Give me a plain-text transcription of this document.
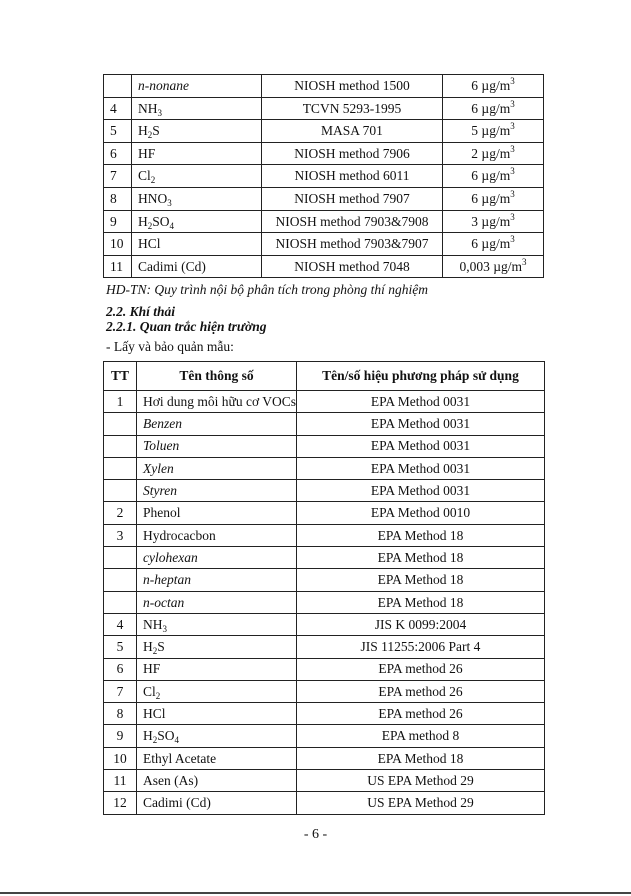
	n-nonane	NIOSH method 1500	6 $\mu g/m^3$
4	$NH_3$	TCVN 5293-1995	6 $\mu g/m^3$
5	$H_2S$	MASA 701	5 $\mu g/m^3$
6	HF	NIOSH method 7906	2 $\mu g/m^3$
7	$Cl_2$	NIOSH method 6011	6 $\mu g/m^3$
8	$HNO_3$	NIOSH method 7907	6 $\mu g/m^3$
9	$H_2SO_4$	NIOSH method 7903&7908	3 $\mu g/m^3$
10	HCl	NIOSH method 7903&7907	6 $\mu g/m^3$
11	Cadimi (Cd)	NIOSH method 7048	0,003 $\mu g/m^3$
HD-TN: Quy trình nội bộ phân tích trong phòng thí nghiệm
2.2. Khí thải
2.2.1. Quan trắc hiện trường
- Lấy và bảo quản mẫu:
TT	Tên thông số	Tên/số hiệu phương pháp sử dụng
1	Hơi dung môi hữu cơ VOCs	EPA Method 0031
	Benzen	EPA Method 0031
	Toluen	EPA Method 0031
	Xylen	EPA Method 0031
	Styren	EPA Method 0031
2	Phenol	EPA Method 0010
3	Hydrocacbon	EPA Method 18
	cylohexan	EPA Method 18
	n-heptan	EPA Method 18
	n-octan	EPA Method 18
4	$NH_3$	JIS K 0099:2004
5	$H_2S$	JIS 11255:2006 Part 4
6	HF	EPA method 26
7	$Cl_2$	EPA method 26
8	HCl	EPA method 26
9	$H_2SO_4$	EPA method 8
10	Ethyl Acetate	EPA Method 18
11	Asen (As)	US EPA Method 29
12	Cadimi (Cd)	US EPA Method 29
- 6 -
